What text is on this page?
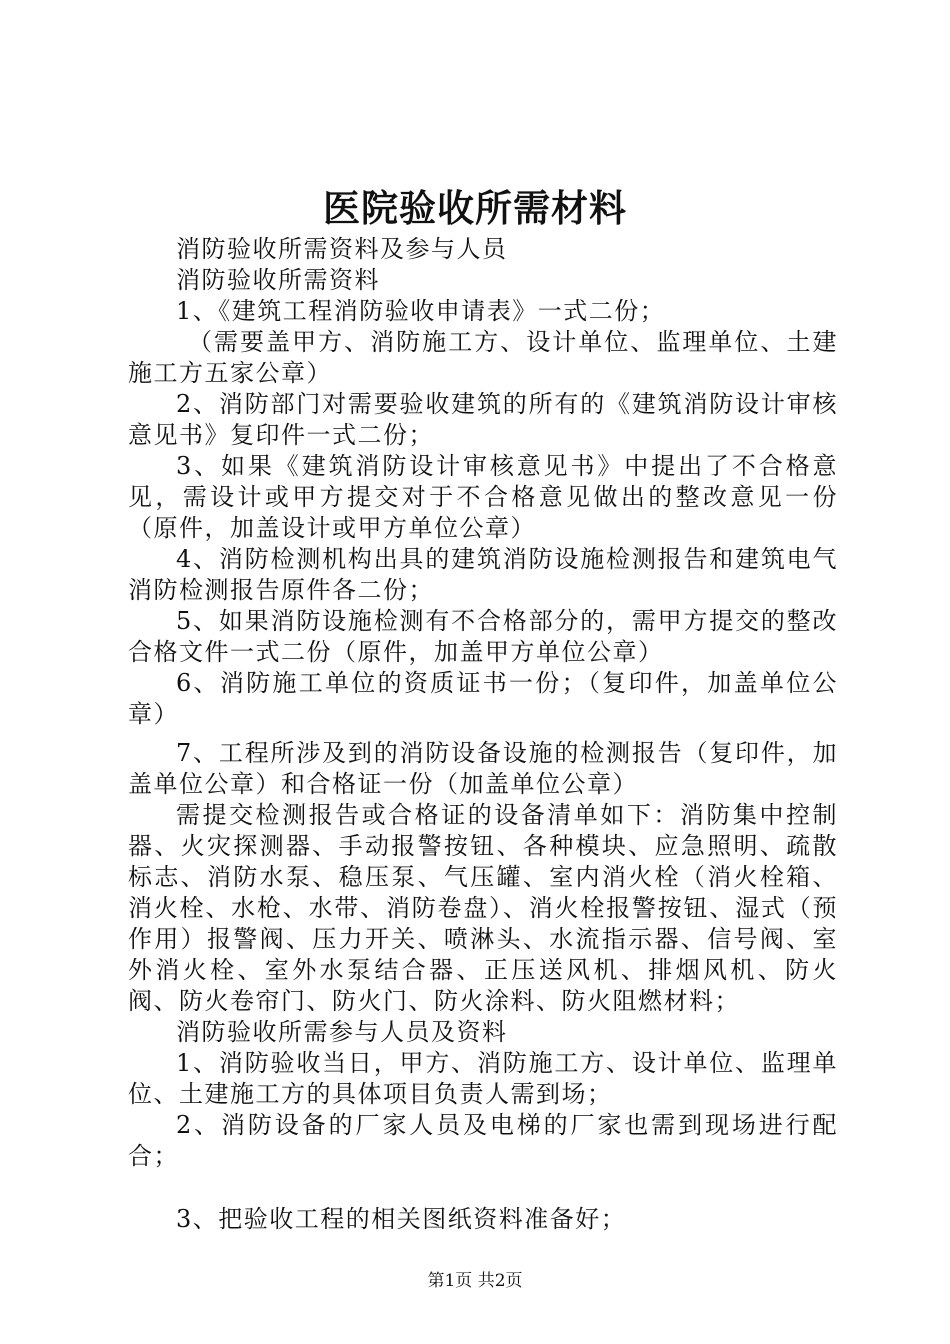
医院验收所需材料

消防验收所需资料及参与人员

消防验收所需资料

1、《建筑工程消防验收申请表》一式二份；

（需要盖甲方、消防施工方、设计单位、监理单位、土建施工方五家公章）

2、消防部门对需要验收建筑的所有的《建筑消防设计审核意见书》复印件一式二份；

3、如果《建筑消防设计审核意见书》中提出了不合格意见，需设计或甲方提交对于不合格意见做出的整改意见一份（原件，加盖设计或甲方单位公章）

4、消防检测机构出具的建筑消防设施检测报告和建筑电气消防检测报告原件各二份；

5、如果消防设施检测有不合格部分的，需甲方提交的整改合格文件一式二份（原件，加盖甲方单位公章）

6、消防施工单位的资质证书一份；（复印件，加盖单位公章）

7、工程所涉及到的消防设备设施的检测报告（复印件，加盖单位公章）和合格证一份（加盖单位公章）

需提交检测报告或合格证的设备清单如下：消防集中控制器、火灾探测器、手动报警按钮、各种模块、应急照明、疏散标志、消防水泵、稳压泵、气压罐、室内消火栓（消火栓箱、消火栓、水枪、水带、消防卷盘）、消火栓报警按钮、湿式（预作用）报警阀、压力开关、喷淋头、水流指示器、信号阀、室外消火栓、室外水泵结合器、正压送风机、排烟风机、防火阀、防火卷帘门、防火门、防火涂料、防火阻燃材料；

消防验收所需参与人员及资料

1、消防验收当日，甲方、消防施工方、设计单位、监理单位、土建施工方的具体项目负责人需到场；

2、消防设备的厂家人员及电梯的厂家也需到现场进行配合；

3、把验收工程的相关图纸资料准备好；

第1页 共2页
